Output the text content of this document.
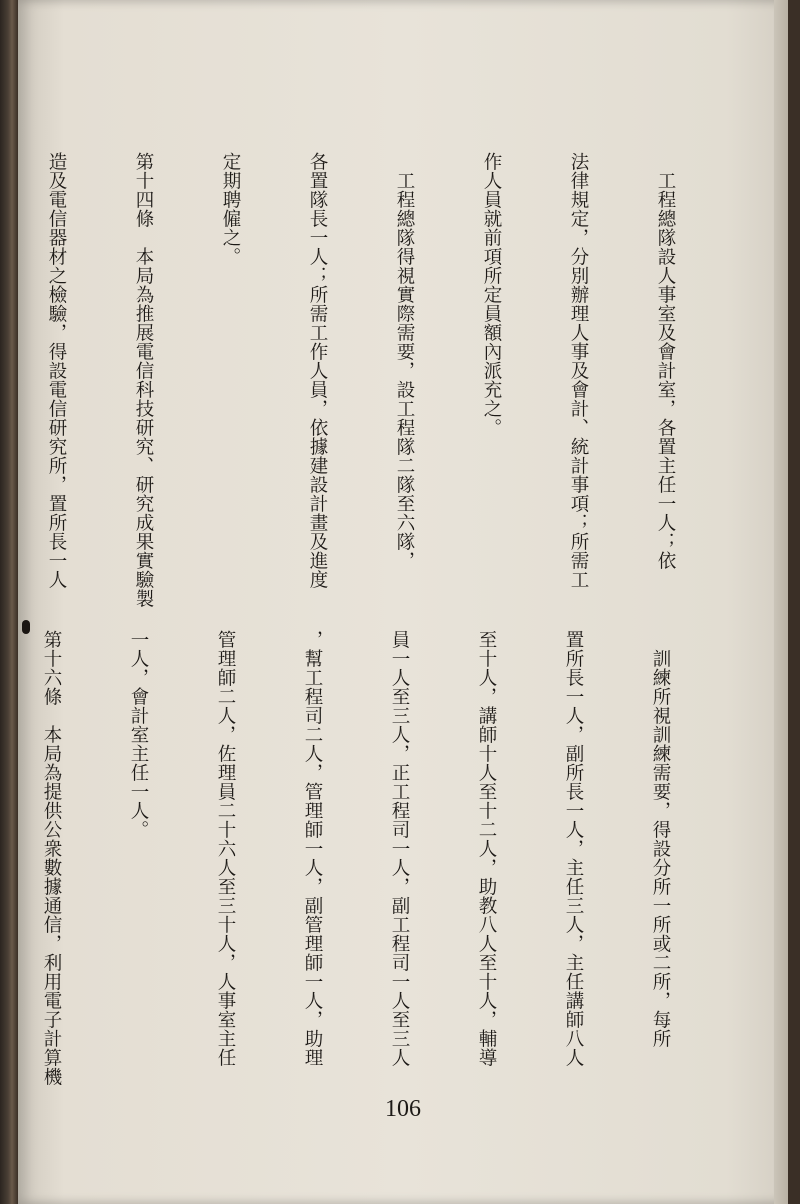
　工程總隊設人事室及會計室，各置主任一人；依

法律規定，分別辦理人事及會計、統計事項；所需工

作人員就前項所定員額內派充之。

　工程總隊得視實際需要，設工程隊二隊至六隊，

各置隊長一人；所需工作人員，依據建設計畫及進度

定期聘僱之。

第十四條　本局為推展電信科技研究、研究成果實驗製

造及電信器材之檢驗，得設電信研究所，置所長一人

　訓練所視訓練需要，得設分所一所或二所，每所

置所長一人，副所長一人，主任三人，主任講師八人

至十人，講師十人至十二人，助教八人至十人，輔導

員一人至三人，正工程司一人，副工程司一人至三人

，幫工程司二人，管理師一人，副管理師一人，助理

管理師二人，佐理員二十六人至三十人，人事室主任

一人，會計室主任一人。

第十六條　本局為提供公衆數據通信，利用電子計算機

106
